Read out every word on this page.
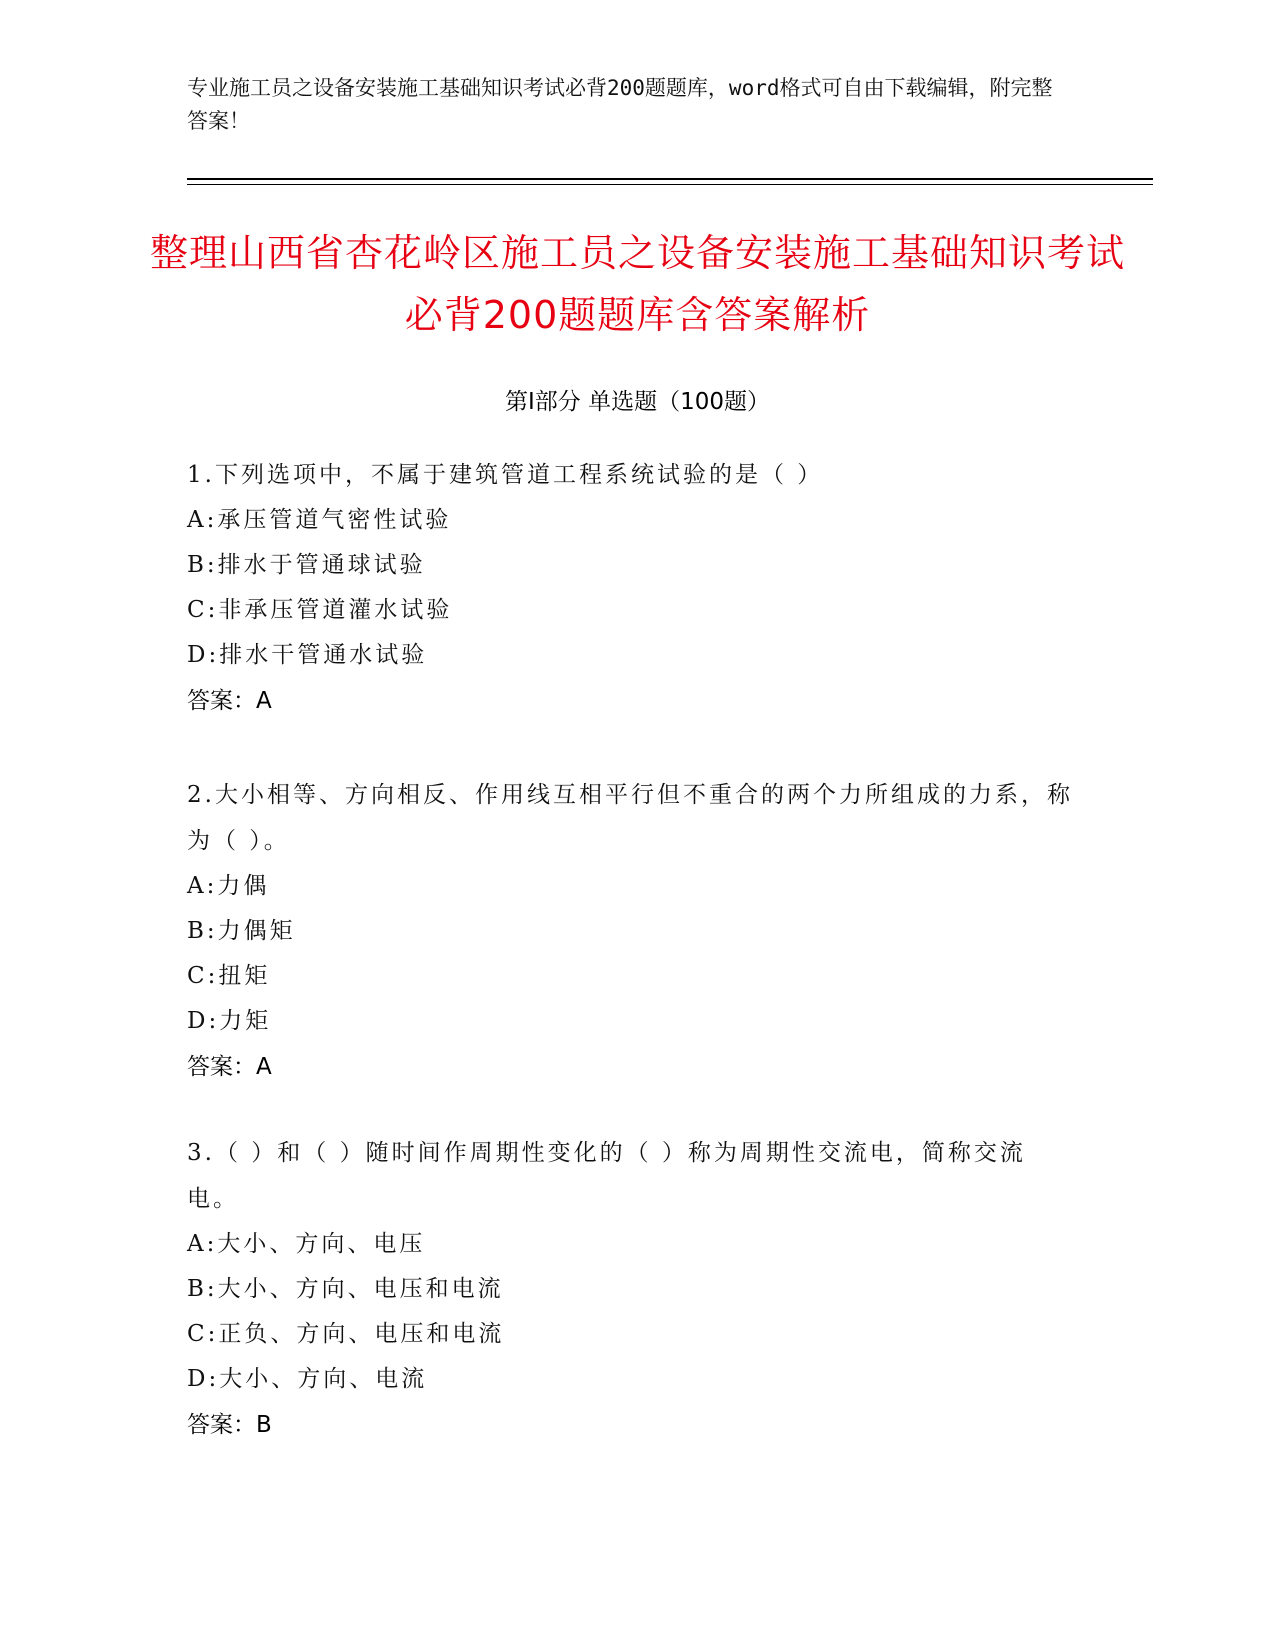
专业施工员之设备安装施工基础知识考试必背200题题库，word格式可自由下载编辑，附完整答案！
整理山西省杏花岭区施工员之设备安装施工基础知识考试必背200题题库含答案解析
第Ⅰ部分 单选题（100题）
1.下列选项中，不属于建筑管道工程系统试验的是（ ）
A:承压管道气密性试验
B:排水于管通球试验
C:非承压管道灌水试验
D:排水干管通水试验
答案：A
2.大小相等、方向相反、作用线互相平行但不重合的两个力所组成的力系，称为（ ）。
A:力偶
B:力偶矩
C:扭矩
D:力矩
答案：A
3.（ ）和（ ）随时间作周期性变化的（ ）称为周期性交流电，简称交流电。
A:大小、方向、电压
B:大小、方向、电压和电流
C:正负、方向、电压和电流
D:大小、方向、电流
答案：B
